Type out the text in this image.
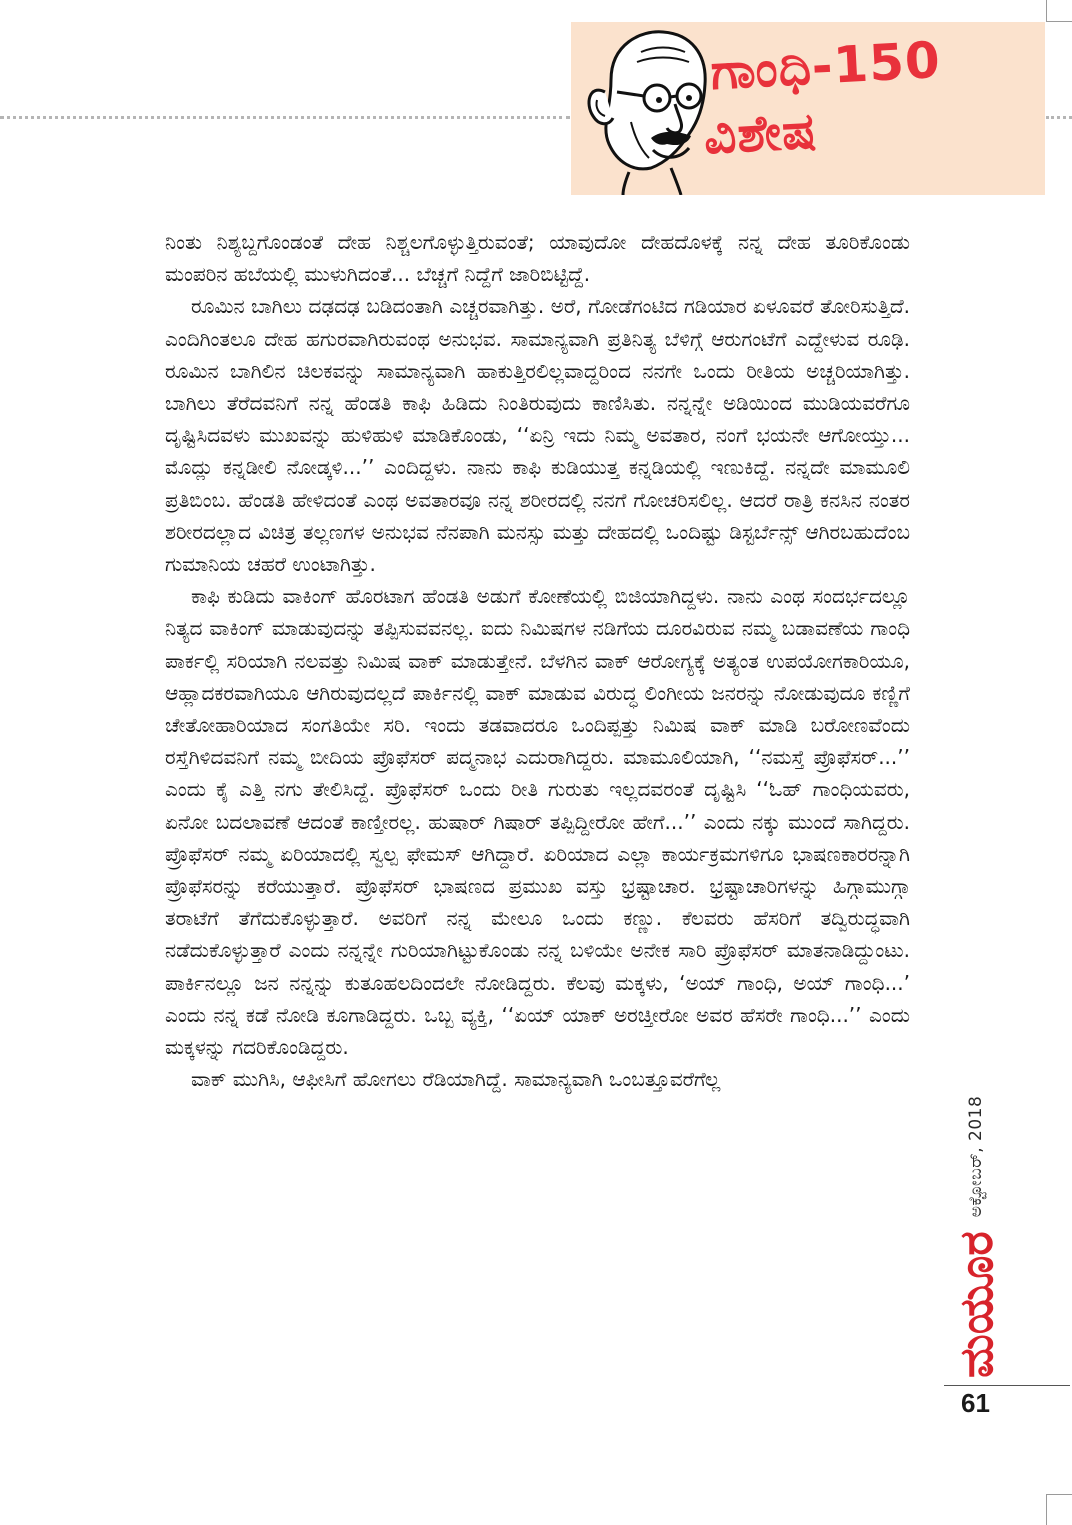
ಗಾಂಧಿ-150
ವಿಶೇಷ

ನಿಂತು ನಿಶ್ಯಬ್ದಗೊಂಡಂತೆ ದೇಹ ನಿಶ್ಚಲಗೊಳ್ಳುತ್ತಿರುವಂತೆ; ಯಾವುದೋ ದೇಹದೊಳಕ್ಕೆ ನನ್ನ ದೇಹ ತೂರಿಕೊಂಡು ಮಂಪರಿನ ಹಬೆಯಲ್ಲಿ ಮುಳುಗಿದಂತೆ... ಬೆಚ್ಚಗೆ ನಿದ್ದೆಗೆ ಜಾರಿಬಿಟ್ಟಿದ್ದೆ.

ರೂಮಿನ ಬಾಗಿಲು ದಢದಢ ಬಡಿದಂತಾಗಿ ಎಚ್ಚರವಾಗಿತ್ತು. ಅರೆ, ಗೋಡೆಗಂಟಿದ ಗಡಿಯಾರ ಏಳೂವರೆ ತೋರಿಸುತ್ತಿದೆ. ಎಂದಿಗಿಂತಲೂ ದೇಹ ಹಗುರವಾಗಿರುವಂಥ ಅನುಭವ. ಸಾಮಾನ್ಯವಾಗಿ ಪ್ರತಿನಿತ್ಯ ಬೆಳಿಗ್ಗೆ ಆರುಗಂಟೆಗೆ ಎದ್ದೇಳುವ ರೂಢಿ. ರೂಮಿನ ಬಾಗಿಲಿನ ಚಿಲಕವನ್ನು ಸಾಮಾನ್ಯವಾಗಿ ಹಾಕುತ್ತಿರಲಿಲ್ಲವಾದ್ದರಿಂದ ನನಗೇ ಒಂದು ರೀತಿಯ ಅಚ್ಚರಿಯಾಗಿತ್ತು. ಬಾಗಿಲು ತೆರೆದವನಿಗೆ ನನ್ನ ಹೆಂಡತಿ ಕಾಫಿ ಹಿಡಿದು ನಿಂತಿರುವುದು ಕಾಣಿಸಿತು. ನನ್ನನ್ನೇ ಅಡಿಯಿಂದ ಮುಡಿಯವರೆಗೂ ದೃಷ್ಟಿಸಿದವಳು ಮುಖವನ್ನು ಹುಳಿಹುಳಿ ಮಾಡಿಕೊಂಡು, ‘‘ಏನ್ರಿ ಇದು ನಿಮ್ಮ ಅವತಾರ, ನಂಗೆ ಭಯನೇ ಆಗೋಯ್ತು... ಮೊದ್ಲು ಕನ್ನಡೀಲಿ ನೋಡ್ಕಳಿ...’’ ಎಂದಿದ್ದಳು. ನಾನು ಕಾಫಿ ಕುಡಿಯುತ್ತ ಕನ್ನಡಿಯಲ್ಲಿ ಇಣುಕಿದ್ದೆ. ನನ್ನದೇ ಮಾಮೂಲಿ ಪ್ರತಿಬಿಂಬ. ಹೆಂಡತಿ ಹೇಳಿದಂತೆ ಎಂಥ ಅವತಾರವೂ ನನ್ನ ಶರೀರದಲ್ಲಿ ನನಗೆ ಗೋಚರಿಸಲಿಲ್ಲ. ಆದರೆ ರಾತ್ರಿ ಕನಸಿನ ನಂತರ ಶರೀರದಲ್ಲಾದ ವಿಚಿತ್ರ ತಲ್ಲಣಗಳ ಅನುಭವ ನೆನಪಾಗಿ ಮನಸ್ಸು ಮತ್ತು ದೇಹದಲ್ಲಿ ಒಂದಿಷ್ಟು ಡಿಸ್ಟರ್ಬೆನ್ಸ್ ಆಗಿರಬಹುದೆಂಬ ಗುಮಾನಿಯ ಚಹರೆ ಉಂಟಾಗಿತ್ತು.

ಕಾಫಿ ಕುಡಿದು ವಾಕಿಂಗ್ ಹೊರಟಾಗ ಹೆಂಡತಿ ಅಡುಗೆ ಕೋಣೆಯಲ್ಲಿ ಬಿಜಿಯಾಗಿದ್ದಳು. ನಾನು ಎಂಥ ಸಂದರ್ಭದಲ್ಲೂ ನಿತ್ಯದ ವಾಕಿಂಗ್ ಮಾಡುವುದನ್ನು ತಪ್ಪಿಸುವವನಲ್ಲ. ಐದು ನಿಮಿಷಗಳ ನಡಿಗೆಯ ದೂರವಿರುವ ನಮ್ಮ ಬಡಾವಣೆಯ ಗಾಂಧಿ ಪಾರ್ಕಲ್ಲಿ ಸರಿಯಾಗಿ ನಲವತ್ತು ನಿಮಿಷ ವಾಕ್ ಮಾಡುತ್ತೇನೆ. ಬೆಳಗಿನ ವಾಕ್ ಆರೋಗ್ಯಕ್ಕೆ ಅತ್ಯಂತ ಉಪಯೋಗಕಾರಿಯೂ, ಆಹ್ಲಾದಕರವಾಗಿಯೂ ಆಗಿರುವುದಲ್ಲದೆ ಪಾರ್ಕಿನಲ್ಲಿ ವಾಕ್ ಮಾಡುವ ವಿರುದ್ಧ ಲಿಂಗೀಯ ಜನರನ್ನು ನೋಡುವುದೂ ಕಣ್ಣಿಗೆ ಚೇತೋಹಾರಿಯಾದ ಸಂಗತಿಯೇ ಸರಿ. ಇಂದು ತಡವಾದರೂ ಒಂದಿಪ್ಪತ್ತು ನಿಮಿಷ ವಾಕ್ ಮಾಡಿ ಬರೋಣವೆಂದು ರಸ್ತೆಗಿಳಿದವನಿಗೆ ನಮ್ಮ ಬೀದಿಯ ಪ್ರೊಫೆಸರ್ ಪದ್ಮನಾಭ ಎದುರಾಗಿದ್ದರು. ಮಾಮೂಲಿಯಾಗಿ, ‘‘ನಮಸ್ತೆ ಪ್ರೊಫೆಸರ್...’’ ಎಂದು ಕೈ ಎತ್ತಿ ನಗು ತೇಲಿಸಿದ್ದೆ. ಪ್ರೊಫೆಸರ್ ಒಂದು ರೀತಿ ಗುರುತು ಇಲ್ಲದವರಂತೆ ದೃಷ್ಟಿಸಿ ‘‘ಓಹ್ ಗಾಂಧಿಯವರು, ಏನೋ ಬದಲಾವಣೆ ಆದಂತೆ ಕಾಣ್ತೀರಲ್ಲ. ಹುಷಾರ್ ಗಿಷಾರ್ ತಪ್ಪಿದ್ದೀರೋ ಹೇಗೆ...’’ ಎಂದು ನಕ್ಕು ಮುಂದೆ ಸಾಗಿದ್ದರು. ಪ್ರೊಫೆಸರ್ ನಮ್ಮ ಏರಿಯಾದಲ್ಲಿ ಸ್ವಲ್ಪ ಫೇಮಸ್ ಆಗಿದ್ದಾರೆ. ಏರಿಯಾದ ಎಲ್ಲಾ ಕಾರ್ಯಕ್ರಮಗಳಿಗೂ ಭಾಷಣಕಾರರನ್ನಾಗಿ ಪ್ರೊಫೆಸರನ್ನು ಕರೆಯುತ್ತಾರೆ. ಪ್ರೊಫೆಸರ್ ಭಾಷಣದ ಪ್ರಮುಖ ವಸ್ತು ಭ್ರಷ್ಟಾಚಾರ. ಭ್ರಷ್ಟಾಚಾರಿಗಳನ್ನು ಹಿಗ್ಗಾಮುಗ್ಗಾ ತರಾಟೆಗೆ ತೆಗೆದುಕೊಳ್ಳುತ್ತಾರೆ. ಅವರಿಗೆ ನನ್ನ ಮೇಲೂ ಒಂದು ಕಣ್ಣು. ಕೆಲವರು ಹೆಸರಿಗೆ ತದ್ವಿರುದ್ಧವಾಗಿ ನಡೆದುಕೊಳ್ಳುತ್ತಾರೆ ಎಂದು ನನ್ನನ್ನೇ ಗುರಿಯಾಗಿಟ್ಟುಕೊಂಡು ನನ್ನ ಬಳಿಯೇ ಅನೇಕ ಸಾರಿ ಪ್ರೊಫೆಸರ್ ಮಾತನಾಡಿದ್ದುಂಟು. ಪಾರ್ಕಿನಲ್ಲೂ ಜನ ನನ್ನನ್ನು ಕುತೂಹಲದಿಂದಲೇ ನೋಡಿದ್ದರು. ಕೆಲವು ಮಕ್ಕಳು, ‘ಅಯ್ ಗಾಂಧಿ, ಅಯ್ ಗಾಂಧಿ...’ ಎಂದು ನನ್ನ ಕಡೆ ನೋಡಿ ಕೂಗಾಡಿದ್ದರು. ಒಬ್ಬ ವ್ಯಕ್ತಿ, ‘‘ಏಯ್ ಯಾಕ್ ಅರಚ್ತೀರೋ ಅವರ ಹೆಸರೇ ಗಾಂಧಿ...’’ ಎಂದು ಮಕ್ಕಳನ್ನು ಗದರಿಕೊಂಡಿದ್ದರು.

ವಾಕ್ ಮುಗಿಸಿ, ಆಫೀಸಿಗೆ ಹೋಗಲು ರೆಡಿಯಾಗಿದ್ದೆ. ಸಾಮಾನ್ಯವಾಗಿ ಒಂಬತ್ತೂವರೆಗೆಲ್ಲ

ಮಯೂರ
ಅಕ್ಟೋಬರ್, 2018
61
